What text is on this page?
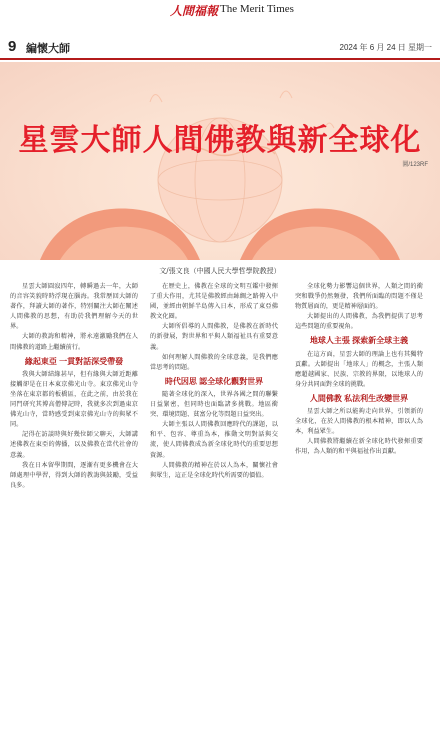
人間福報 The Merit Times
9 編懷大師	2024 年 6 月 24 日 星期一
圖/123RF
星雲大師人間佛教與新全球化
文/張文良（中國人民大學哲學院教授）

星雲大師圓寂四年，轉瞬過去一年，大師的音容笑貌時時浮現在腦海。我常歷回大師的著作，拜讀大師的著作，特別關注大師在闡述人間佛教的思想，有助於我們理解今天的世界。

大師的教誨和精神，將永遠激勵我們在人間佛教的道路上繼續前行。

緣起東亞 一貫對話深受帶發

我與大師結緣甚早，但有緣與大師近距離接觸卻是在日本東京佛光山寺。東京佛光山寺坐落在東京都的板橋區，在此之前，由於我在同門研究其博高僧傳記時，我就多次到過東京佛光山寺，當時感受到東京佛光山寺的與眾不同。

記得在訪談時與好幾位師父聊天，大師講述佛教在東亞的傳播，以及佛教在當代社會的意義。

我在日本留學期間，逐漸有更多機會在大師處理中學習，得到大師的教誨與鼓勵，受益良多。

在歷史上，佛教在全球的文明互鑑中發揮了重大作用，尤其是佛教經由絲綢之路傳入中國，並經由朝鮮半島傳入日本，形成了東亞佛教文化圈。

大師所倡導的人間佛教，是佛教在新時代的新發展，對世界和平與人類福祉具有重要意義。

如何理解人間佛教的全球意義，是我們應當思考的問題。

時代因思 認全球化觀對世界

隨著全球化的深入，世界各國之間的聯繫日益緊密，但同時也面臨諸多挑戰。地區衝突、環境問題、貧富分化等問題日益突出。

大師主張以人間佛教回應時代的課題，以和平、包容、尊重為本，推動文明對話與交流，使人間佛教成為新全球化時代的重要思想資源。

人間佛教的精神在於以人為本，關懷社會與眾生，這正是全球化時代所需要的價值。

全球化勢力影響這個世界，人類之間的衝突和戰爭仍然頻發，我們所面臨的問題不僅是物質層面的，更是精神層面的。

大師提出的人間佛教，為我們提供了思考這些問題的重要視角。

地球人主張 探索新全球主義

在這方面，星雲大師的理論上也有其獨特貢獻。大師提出「地球人」的概念，主張人類應超越國家、民族、宗教的界限，以地球人的身分共同面對全球的挑戰。

人間佛教 私法利生改變世界

星雲大師之所以能夠走向世界，引領新的全球化，在於人間佛教的根本精神，即以人為本，利益眾生。

人間佛教將繼續在新全球化時代發揮重要作用，為人類的和平與福祉作出貢獻。
